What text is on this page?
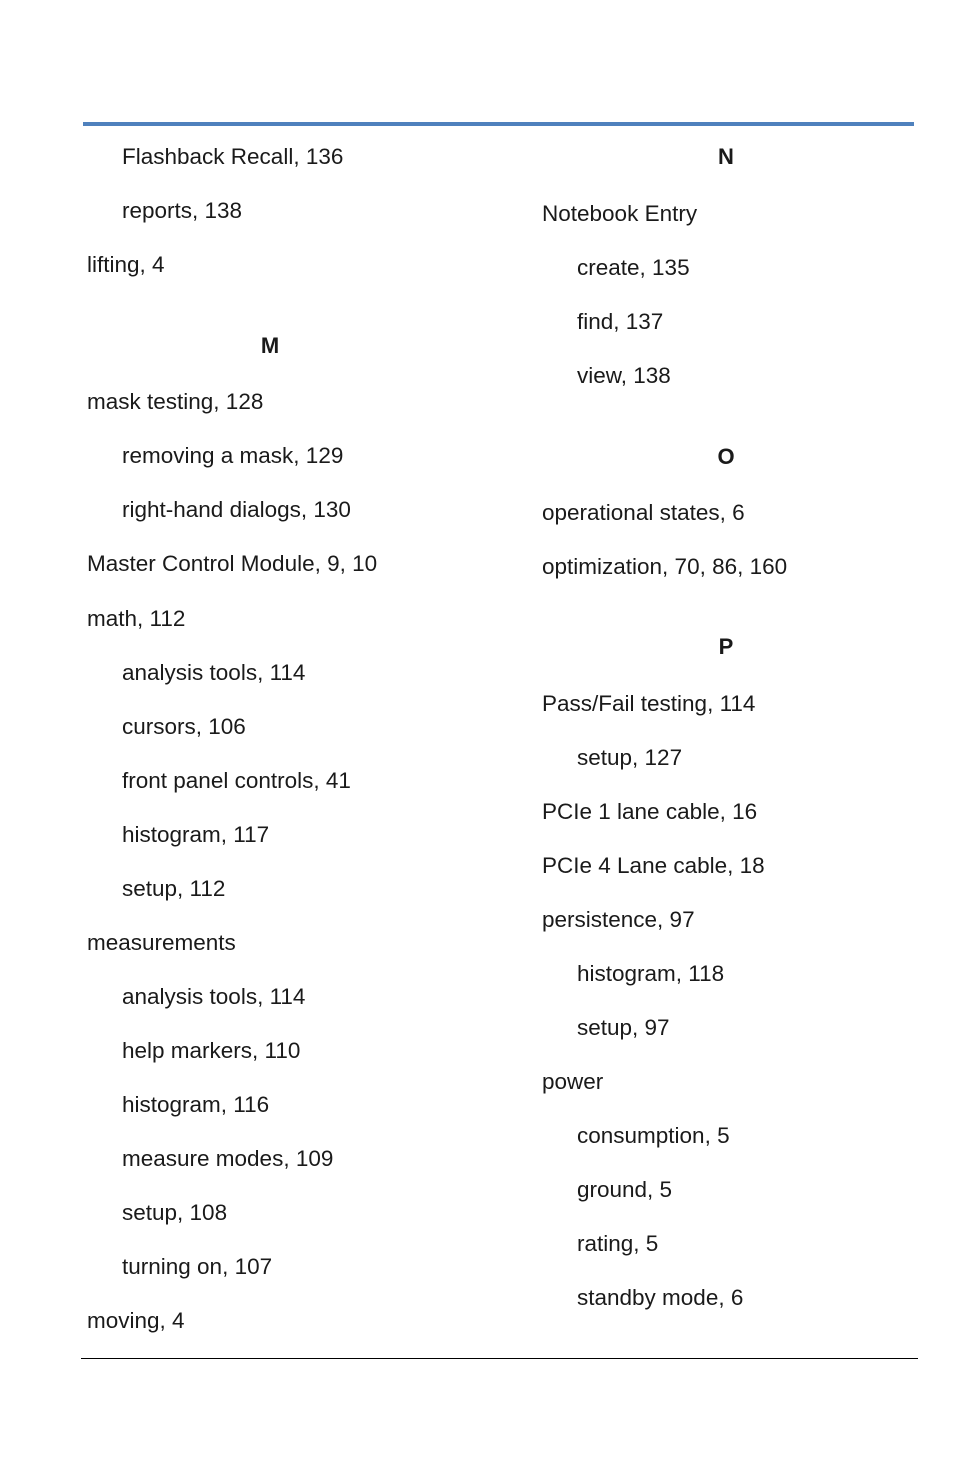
Flashback Recall, 136
reports, 138
lifting, 4
M
mask testing, 128
removing a mask, 129
right-hand dialogs, 130
Master Control Module, 9, 10
math, 112
analysis tools, 114
cursors, 106
front panel controls, 41
histogram, 117
setup, 112
measurements
analysis tools, 114
help markers, 110
histogram, 116
measure modes, 109
setup, 108
turning on, 107
moving, 4
N
Notebook Entry
create, 135
find, 137
view, 138
O
operational states, 6
optimization, 70, 86, 160
P
Pass/Fail testing, 114
setup, 127
PCIe 1 lane cable, 16
PCIe 4 Lane cable, 18
persistence, 97
histogram, 118
setup, 97
power
consumption, 5
ground, 5
rating, 5
standby mode, 6
